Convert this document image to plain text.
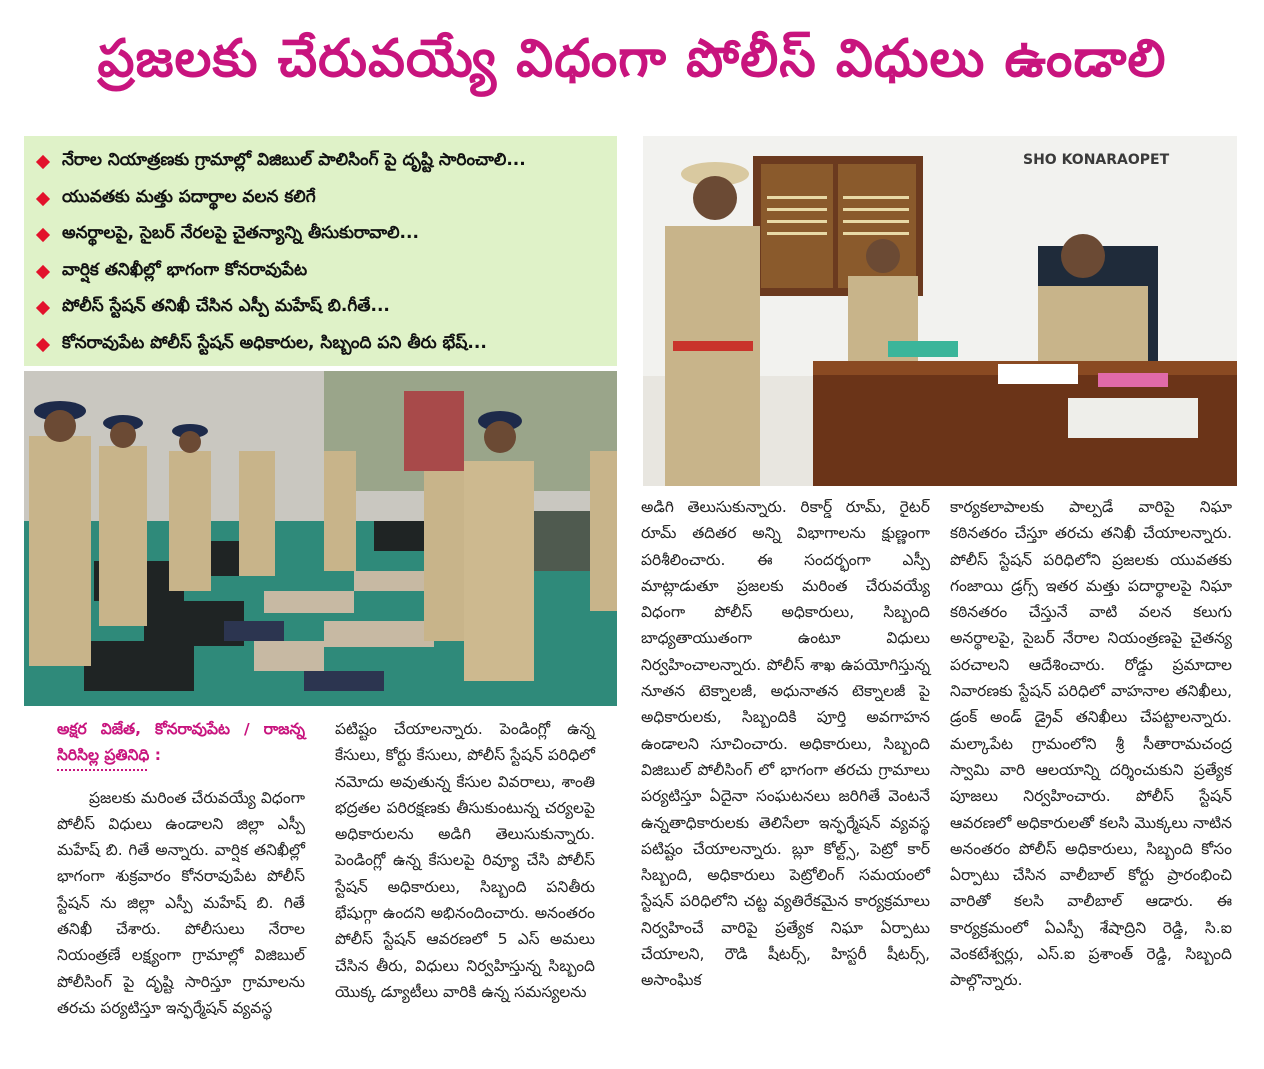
ప్రజలకు చేరువయ్యే విధంగా పోలీస్ విధులు ఉండాలి
నేరాల నియాత్రణకు గ్రామాల్లో విజిబుల్ పాలిసింగ్ పై దృష్టి సారించాలి...
యువతకు మత్తు పదార్థాల వలన కలిగే
అనర్థాలపై, సైబర్ నేరలపై చైతన్యాన్ని తీసుకురావాలి...
వార్షిక తనిఖీల్లో భాగంగా కోనరావుపేట
పోలీస్ స్టేషన్ తనిఖీ చేసిన ఎస్పీ మహేష్ బి.గీతే...
కోనరావుపేట పోలీస్ స్టేషన్ అధికారుల, సిబ్బంది పని తీరు భేష్...
SHO KONARAOPET

అక్షర విజేత, కోనరావుపేట / రాజన్న సిరిసిల్ల ప్రతినిధి :

ప్రజలకు మరింత చేరువయ్యే విధంగా పోలీస్ విధులు ఉండాలని జిల్లా ఎస్పీ మహేష్ బి. గితే అన్నారు. వార్షిక తనిఖీల్లో భాగంగా శుక్రవారం కోనరావుపేట పోలీస్ స్టేషన్ ను జిల్లా ఎస్పీ మహేష్ బి. గితే తనిఖీ చేశారు. పోలీసులు నేరాల నియంత్రణే లక్ష్యంగా గ్రామాల్లో విజిబుల్ పోలీసింగ్ పై దృష్టి సారిస్తూ గ్రామాలను తరచు పర్యటిస్తూ ఇన్ఫర్మేషన్ వ్యవస్థ

పటిష్టం చేయాలన్నారు. పెండింగ్లో ఉన్న కేసులు, కోర్టు కేసులు, పోలీస్ స్టేషన్ పరిధిలో నమోదు అవుతున్న కేసుల వివరాలు, శాంతి భద్రతల పరిరక్షణకు తీసుకుంటున్న చర్యలపై అధికారులను అడిగి తెలుసుకున్నారు. పెండింగ్లో ఉన్న కేసులపై రివ్యూ చేసి పోలీస్ స్టేషన్ అధికారులు, సిబ్బంది పనితీరు భేషుగ్గా ఉందని అభినందించారు. అనంతరం పోలీస్ స్టేషన్ ఆవరణలో 5 ఎస్ అమలు చేసిన తీరు, విధులు నిర్వహిస్తున్న సిబ్బంది యొక్క డ్యూటీలు వారికి ఉన్న సమస్యలను

అడిగి తెలుసుకున్నారు. రికార్డ్ రూమ్, రైటర్ రూమ్ తదితర అన్ని విభాగాలను క్షుణ్ణంగా పరిశీలించారు. ఈ సందర్భంగా ఎస్పీ మాట్లాడుతూ ప్రజలకు మరింత చేరువయ్యే విధంగా పోలీస్ అధికారులు, సిబ్బంది బాధ్యతాయుతంగా ఉంటూ విధులు నిర్వహించాలన్నారు. పోలీస్ శాఖ ఉపయోగిస్తున్న నూతన టెక్నాలజీ, అధునాతన టెక్నాలజీ పై అధికారులకు, సిబ్బందికి పూర్తి అవగాహన ఉండాలని సూచించారు. అధికారులు, సిబ్బంది విజిబుల్ పోలీసింగ్ లో భాగంగా తరచు గ్రామాలు పర్యటిస్తూ ఏదైనా సంఘటనలు జరిగితే వెంటనే ఉన్నతాధికారులకు తెలిసేలా ఇన్ఫర్మేషన్ వ్యవస్థ పటిష్టం చేయాలన్నారు. బ్లూ కోల్ట్స్, పెట్రో కార్ సిబ్బంది, అధికారులు పెట్రోలింగ్ సమయంలో స్టేషన్ పరిధిలోని చట్ట వ్యతిరేకమైన కార్యక్రమాలు నిర్వహించే వారిపై ప్రత్యేక నిఘా ఏర్పాటు చేయాలని, రౌడి షీటర్స్, హిస్టరీ షీటర్స్, అసాంఘిక

కార్యకలాపాలకు పాల్పడే వారిపై నిఘా కఠినతరం చేస్తూ తరచు తనిఖీ చేయాలన్నారు. పోలీస్ స్టేషన్ పరిధిలోని ప్రజలకు యువతకు గంజాయి డ్రగ్స్ ఇతర మత్తు పదార్థాలపై నిఘా కఠినతరం చేస్తునే వాటి వలన కలుగు అనర్థాలపై, సైబర్ నేరాల నియంత్రణపై చైతన్య పరచాలని ఆదేశించారు. రోడ్డు ప్రమాదాల నివారణకు స్టేషన్ పరిధిలో వాహనాల తనిఖీలు, డ్రంక్ అండ్ డ్రైవ్ తనిఖీలు చేపట్టాలన్నారు. మల్కాపేట గ్రామంలోని శ్రీ సీతారామచంద్ర స్వామి వారి ఆలయాన్ని దర్శించుకుని ప్రత్యేక పూజలు నిర్వహించారు. పోలీస్ స్టేషన్ ఆవరణలో అధికారులతో కలసి మొక్కలు నాటిన అనంతరం పోలీస్ అధికారులు, సిబ్బంది కోసం ఏర్పాటు చేసిన వాలీబాల్ కోర్టు ప్రారంభించి వారితో కలసి వాలీబాల్ ఆడారు. ఈ కార్యక్రమంలో ఏఎస్పీ శేషాద్రిని రెడ్డి, సి.ఐ వెంకటేశ్వర్లు, ఎస్.ఐ ప్రశాంత్ రెడ్డి, సిబ్బంది పాల్గొన్నారు.
